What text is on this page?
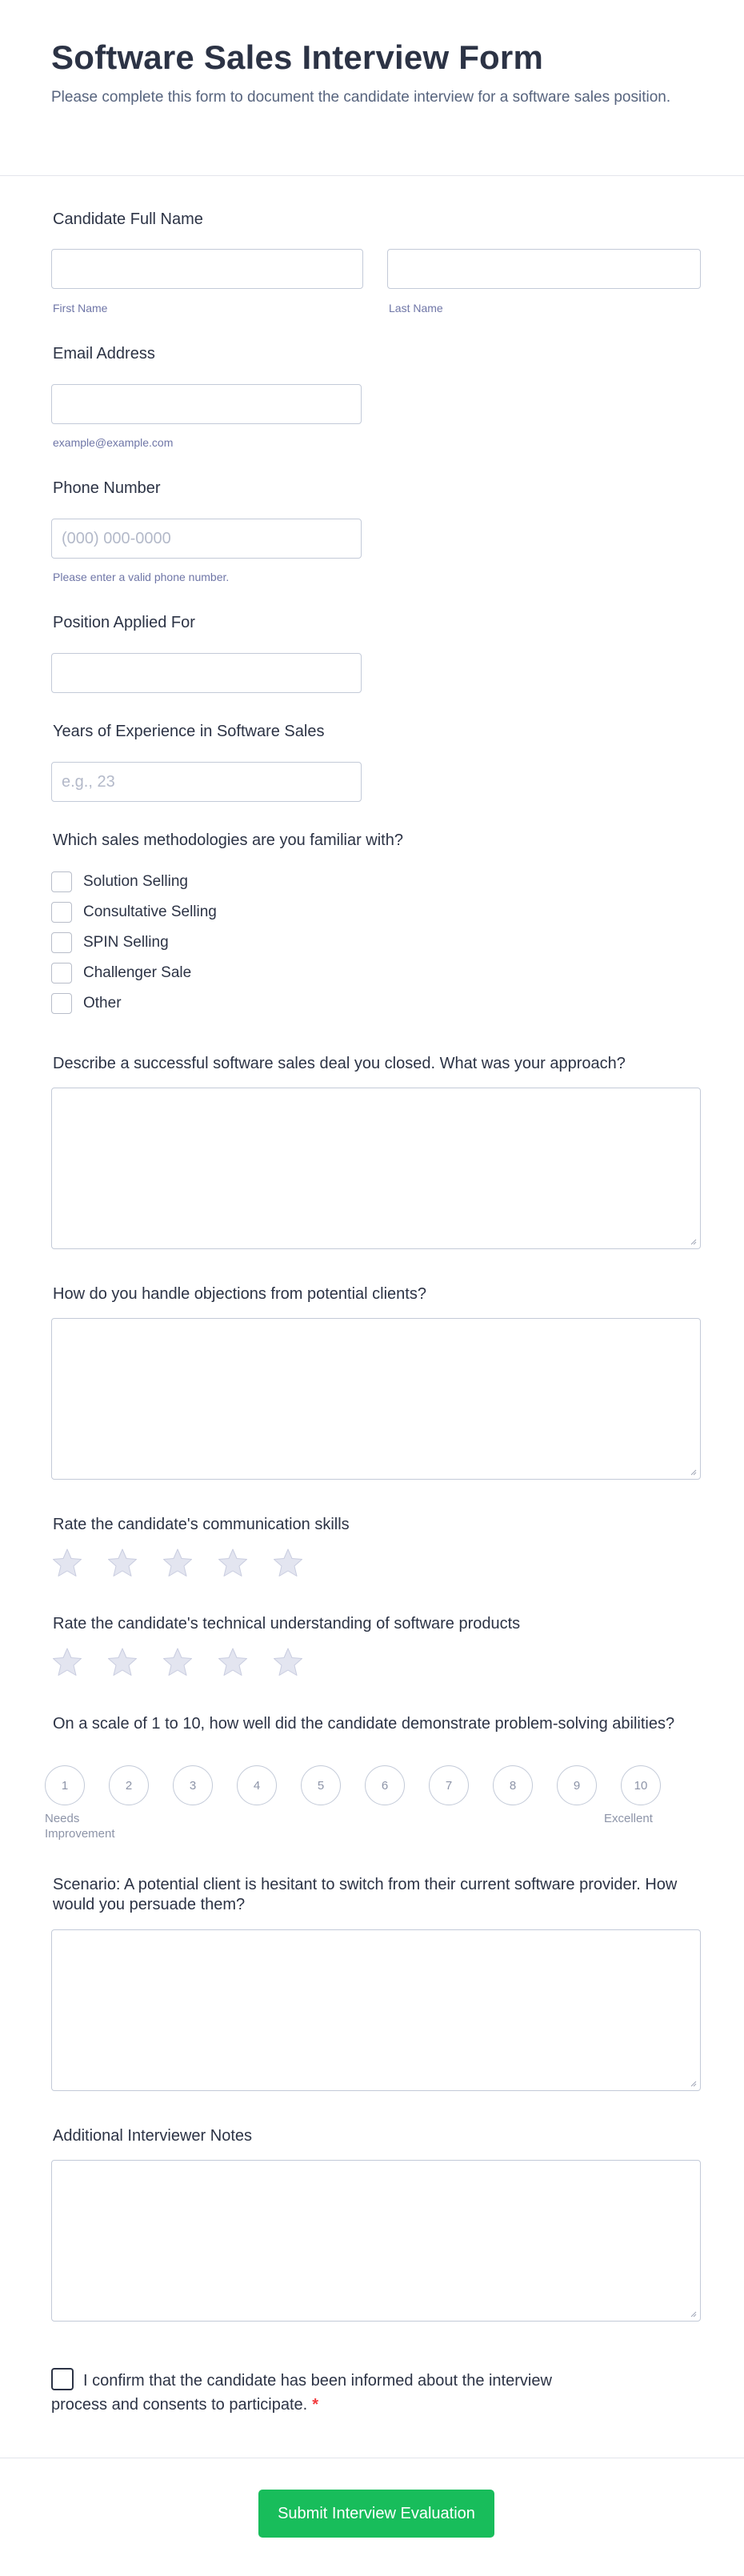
Software Sales Interview Form

Please complete this form to document the candidate interview for a software sales position.

Candidate Full Name
First Name	Last Name
Email Address
example@example.com
Phone Number
(000) 000-0000
Please enter a valid phone number.
Position Applied For
Years of Experience in Software Sales
e.g., 23
Which sales methodologies are you familiar with?
Solution Selling
Consultative Selling
SPIN Selling
Challenger Sale
Other
Describe a successful software sales deal you closed. What was your approach?
How do you handle objections from potential clients?
Rate the candidate's communication skills
Rate the candidate's technical understanding of software products
On a scale of 1 to 10, how well did the candidate demonstrate problem-solving abilities?
1	2	3	4	5	6	7	8	9	10
Needs Improvement
Excellent
Scenario: A potential client is hesitant to switch from their current software provider. How would you persuade them?
Additional Interviewer Notes
I confirm that the candidate has been informed about the interview process and consents to participate. *
Submit Interview Evaluation
